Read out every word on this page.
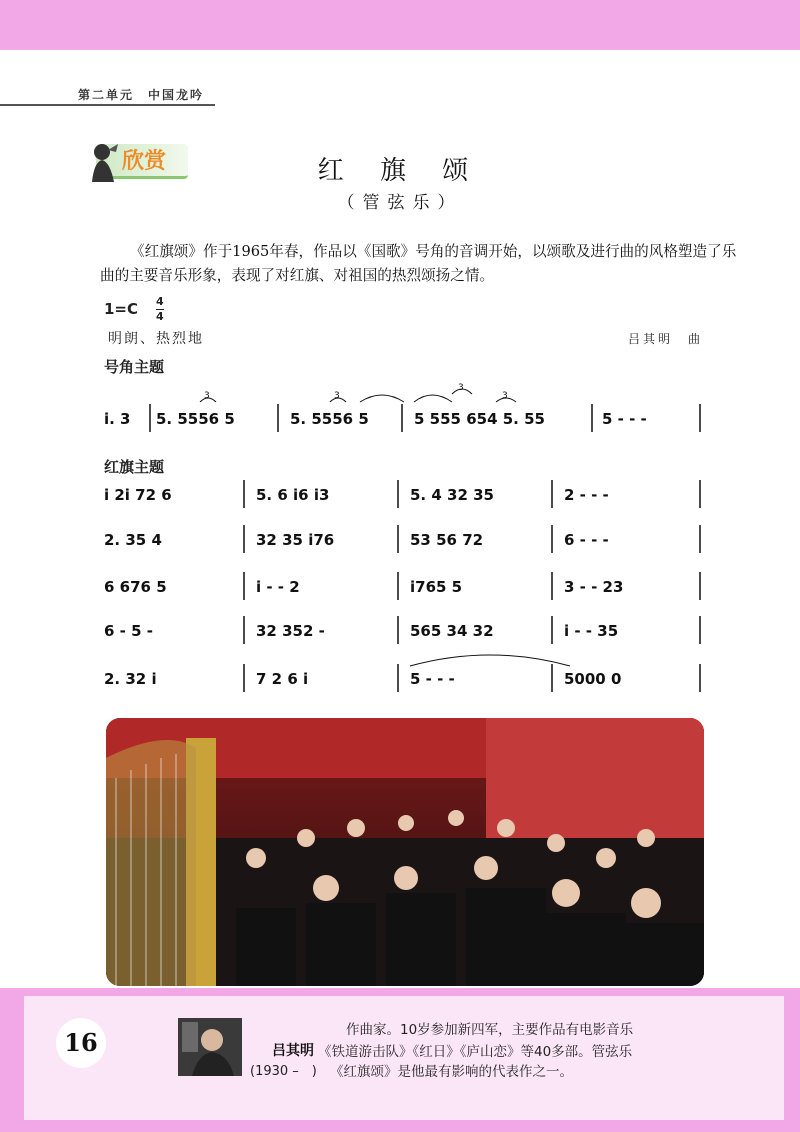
第二单元　中国龙吟
欣赏	红 旗 颂
（管弦乐）
《红旗颂》作于1965年春，作品以《国歌》号角的音调开始，以颂歌及进行曲的风格塑造了乐曲的主要音乐形象，表现了对红旗、对祖国的热烈颂扬之情。
1=C 4
4
明朗、热烈地	吕其明　曲
号角主题
红旗主题
i. 3 5. 5556 5	5. 5556 5	5 555 654 5. 55	5 - - -
3	3
3
3
i 2i 72 6	5. 6 i6 i3	5. 4 32 35	2 - - -
2. 35 4	32 35 i76	53 56 72	6 - - -
6 676 5	i - - 2	i765 5	3 - - 23
6 - 5 -	32 352 -	565 34 32	i - - 35
2. 32 i	7 2 6 i	5 - - -	5000 0
16	作曲家。10岁参加新四军，主要作品有电影音乐
吕其明 《铁道游击队》《红日》《庐山恋》等40多部。管弦乐
(1930 –　) 《红旗颂》是他最有影响的代表作之一。
